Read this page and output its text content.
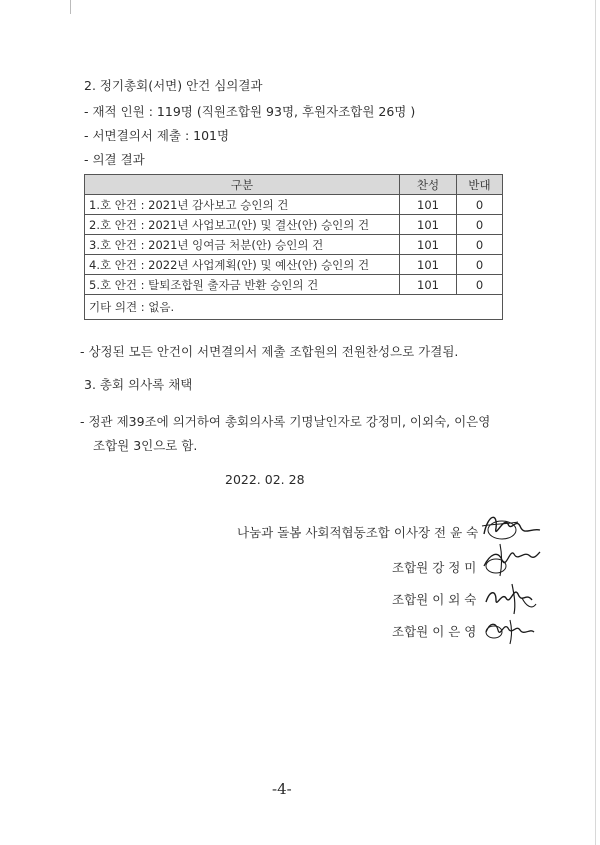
2. 정기총회(서면) 안건 심의결과
- 재적 인원 : 119명 (직원조합원 93명, 후원자조합원 26명 )
- 서면결의서 제출 : 101명
- 의결 결과
구분	찬성	반대
1.호 안건 : 2021년 감사보고 승인의 건	101	0
2.호 안건 : 2021년 사업보고(안) 및 결산(안) 승인의 건	101	0
3.호 안건 : 2021년 잉여금 처분(안) 승인의 건	101	0
4.호 안건 : 2022년 사업계획(안) 및 예산(안) 승인의 건	101	0
5.호 안건 : 탈퇴조합원 출자금 반환 승인의 건	101	0
기타 의견 : 없음.		
- 상정된 모든 안건이 서면결의서 제출 조합원의 전원찬성으로 가결됨.
3. 총회 의사록 채택
- 정관 제39조에 의거하여 총회의사록 기명날인자로 강정미, 이외숙, 이은영
조합원 3인으로 함.
2022. 02. 28
나눔과 돌봄 사회적협동조합 이사장 전 윤 숙
조합원 강 정 미
조합원 이 외 숙
조합원 이 은 영
-4-
